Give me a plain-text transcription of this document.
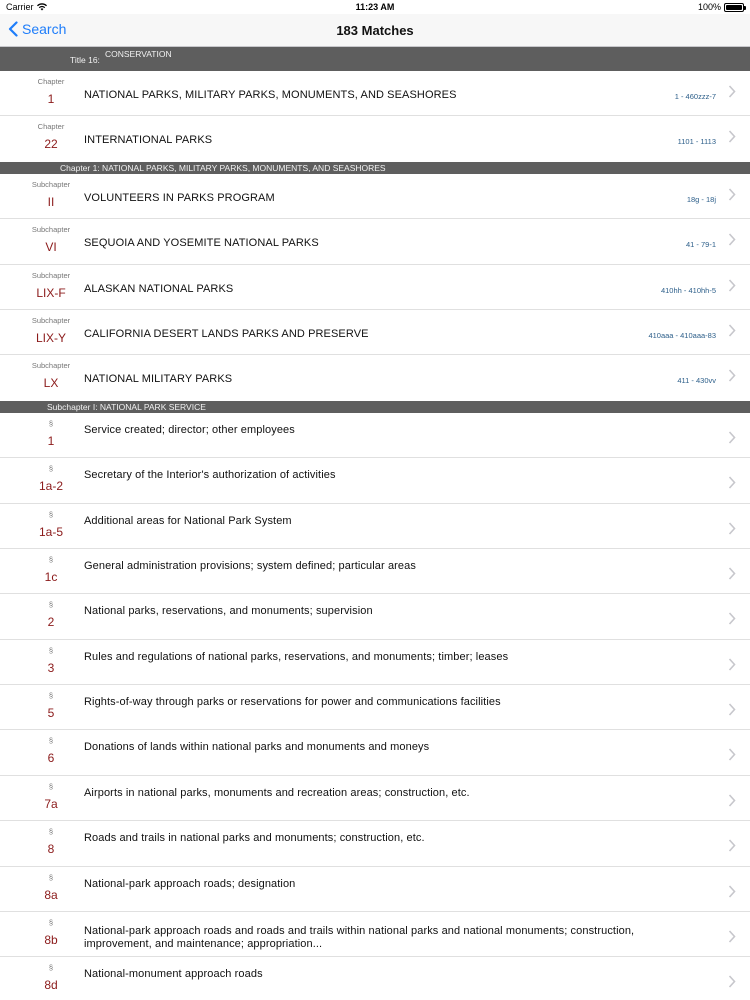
Carrier	11:23 AM	100%
Search	183 Matches
Title 16:
CONSERVATION
Chapter
1	NATIONAL PARKS, MILITARY PARKS, MONUMENTS, AND SEASHORES	1 - 460zzz-7
Chapter
22	INTERNATIONAL PARKS	1101 - 1113
Chapter 1: NATIONAL PARKS, MILITARY PARKS, MONUMENTS, AND SEASHORES
Subchapter
II	VOLUNTEERS IN PARKS PROGRAM	18g - 18j
Subchapter
VI	SEQUOIA AND YOSEMITE NATIONAL PARKS	41 - 79-1
Subchapter
LIX-F	ALASKAN NATIONAL PARKS	410hh - 410hh-5
Subchapter
LIX-Y	CALIFORNIA DESERT LANDS PARKS AND PRESERVE	410aaa - 410aaa-83
Subchapter
LX	NATIONAL MILITARY PARKS	411 - 430vv
Subchapter I: NATIONAL PARK SERVICE
§
1
Service created; director; other employees
§
1a-2
Secretary of the Interior's authorization of activities
§
1a-5
Additional areas for National Park System
§
1c
General administration provisions; system defined; particular areas
§
2
National parks, reservations, and monuments; supervision
§
3
Rules and regulations of national parks, reservations, and monuments; timber; leases
§
5
Rights-of-way through parks or reservations for power and communications facilities
§
6
Donations of lands within national parks and monuments and moneys
§
7a
Airports in national parks, monuments and recreation areas; construction, etc.
§
8
Roads and trails in national parks and monuments; construction, etc.
§
8a
National-park approach roads; designation
§
8b
National-park approach roads and roads and trails within national parks and national monuments; construction, improvement, and maintenance; appropriation...
§
8d
National-monument approach roads
